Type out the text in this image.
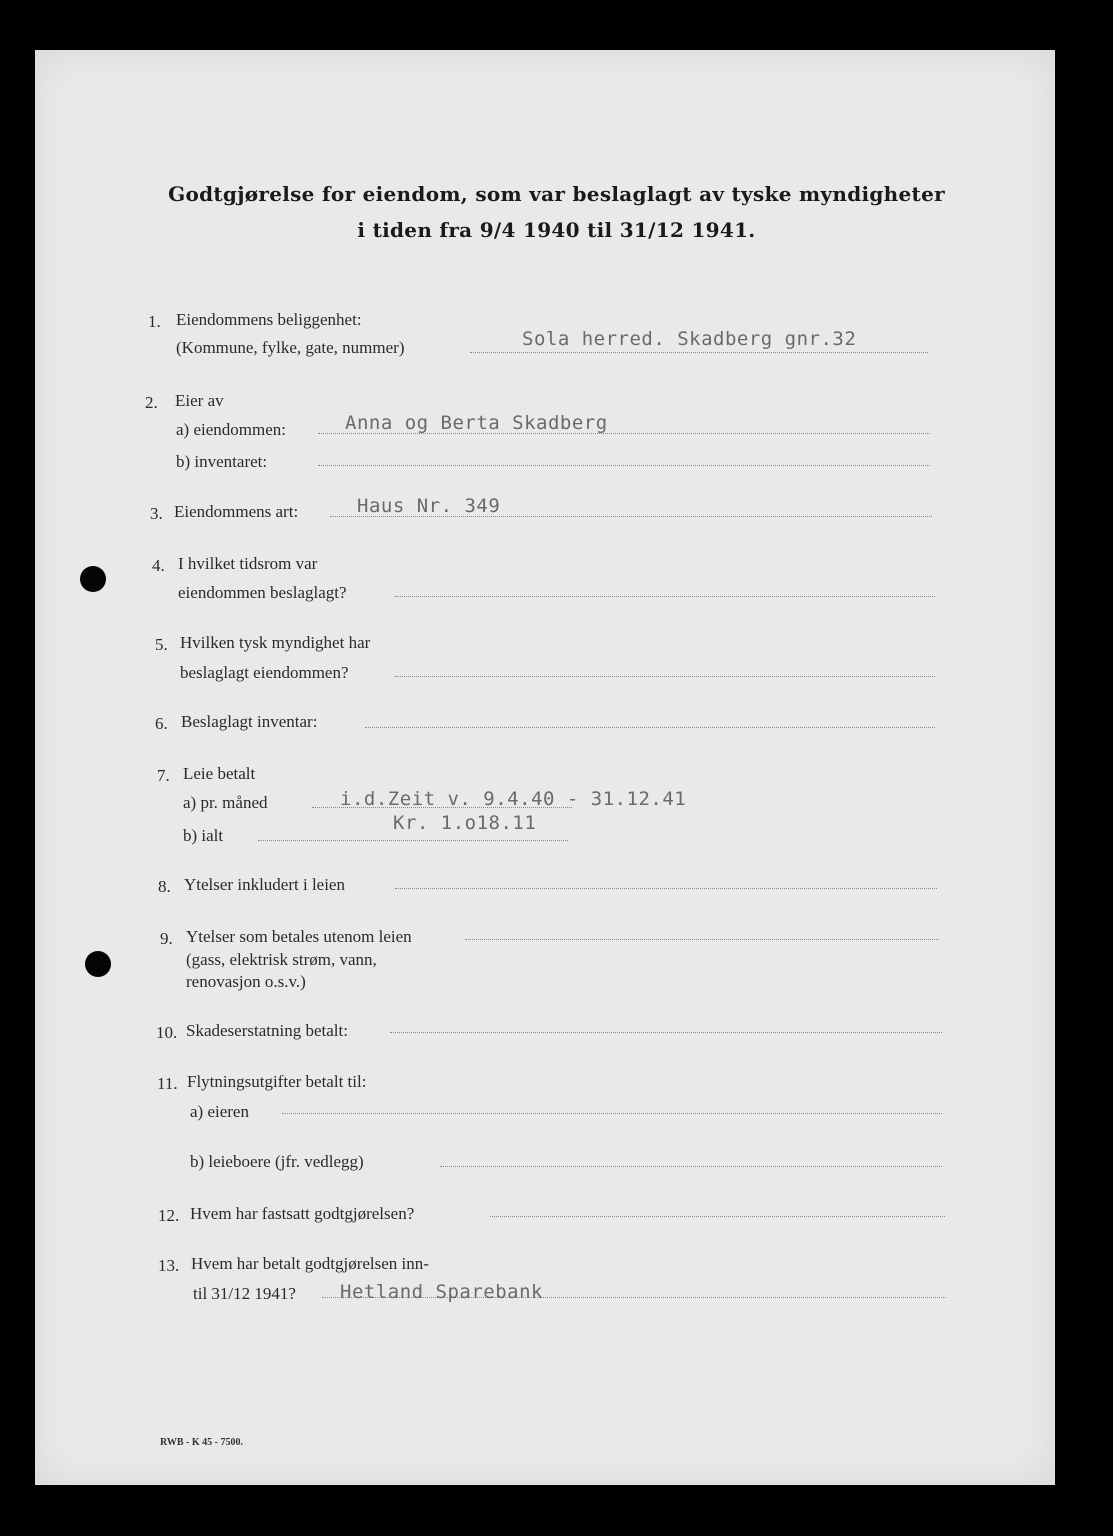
Godtgjørelse for eiendom, som var beslaglagt av tyske myndigheter
i tiden fra 9/4 1940 til 31/12 1941.
1. Eiendommens beliggenhet:
(Kommune, fylke, gate, nummer)	Sola herred. Skadberg gnr.32
2. Eier av
a) eiendommen:	Anna og Berta Skadberg
b) inventaret:
3. Eiendommens art:	Haus Nr. 349
4. I hvilket tidsrom var
eiendommen beslaglagt?
5. Hvilken tysk myndighet har
beslaglagt eiendommen?
6. Beslaglagt inventar:
7. Leie betalt
a) pr. måned	i.d.Zeit v. 9.4.40 - 31.12.41
b) ialt
Kr. 1.o18.11
8. Ytelser inkludert i leien
9. Ytelser som betales utenom leien
(gass, elektrisk strøm, vann,
renovasjon o.s.v.)
10. Skadeserstatning betalt:
11. Flytningsutgifter betalt til:
a) eieren
b) leieboere (jfr. vedlegg)
12. Hvem har fastsatt godtgjørelsen?
13. Hvem har betalt godtgjørelsen inn-
til 31/12 1941? Hetland Sparebank
RWB - K 45 - 7500.
